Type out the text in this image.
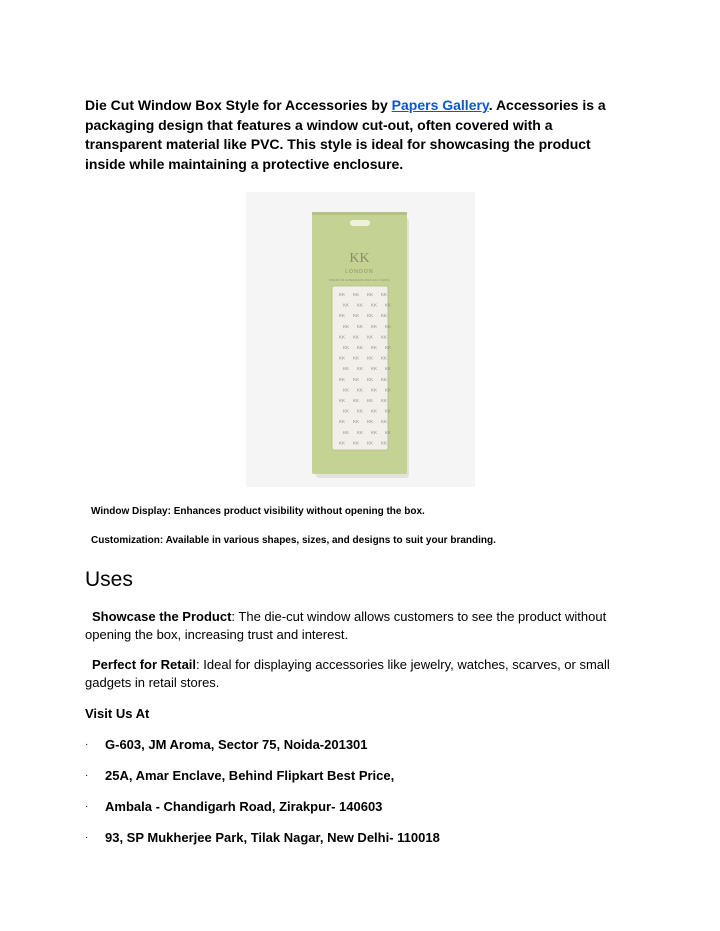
Die Cut Window Box Style for Accessories by Papers Gallery. Accessories is a packaging design that features a window cut-out, often covered with a transparent material like PVC. This style is ideal for showcasing the product inside while maintaining a protective enclosure.

KK
LONDON
PREMIUM HOMEWARE DESIGN CARDS
KK KK KK KK
KK KK KK KK
KK KK KK KK
KK KK KK KK
KK KK KK KK
KK KK KK KK
KK KK KK KK
KK KK KK KK
KK KK KK KK
KK KK KK KK
KK KK KK KK
KK KK KK KK
KK KK KK KK
KK KK KK KK
KK KK KK KK

Window Display: Enhances product visibility without opening the box.

Customization: Available in various shapes, sizes, and designs to suit your branding.

Uses

Showcase the Product: The die-cut window allows customers to see the product without opening the box, increasing trust and interest.

Perfect for Retail: Ideal for displaying accessories like jewelry, watches, scarves, or small gadgets in retail stores.

Visit Us At

· G-603, JM Aroma, Sector 75, Noida-201301
· 25A, Amar Enclave, Behind Flipkart Best Price,
· Ambala - Chandigarh Road, Zirakpur- 140603
· 93, SP Mukherjee Park, Tilak Nagar, New Delhi- 110018
